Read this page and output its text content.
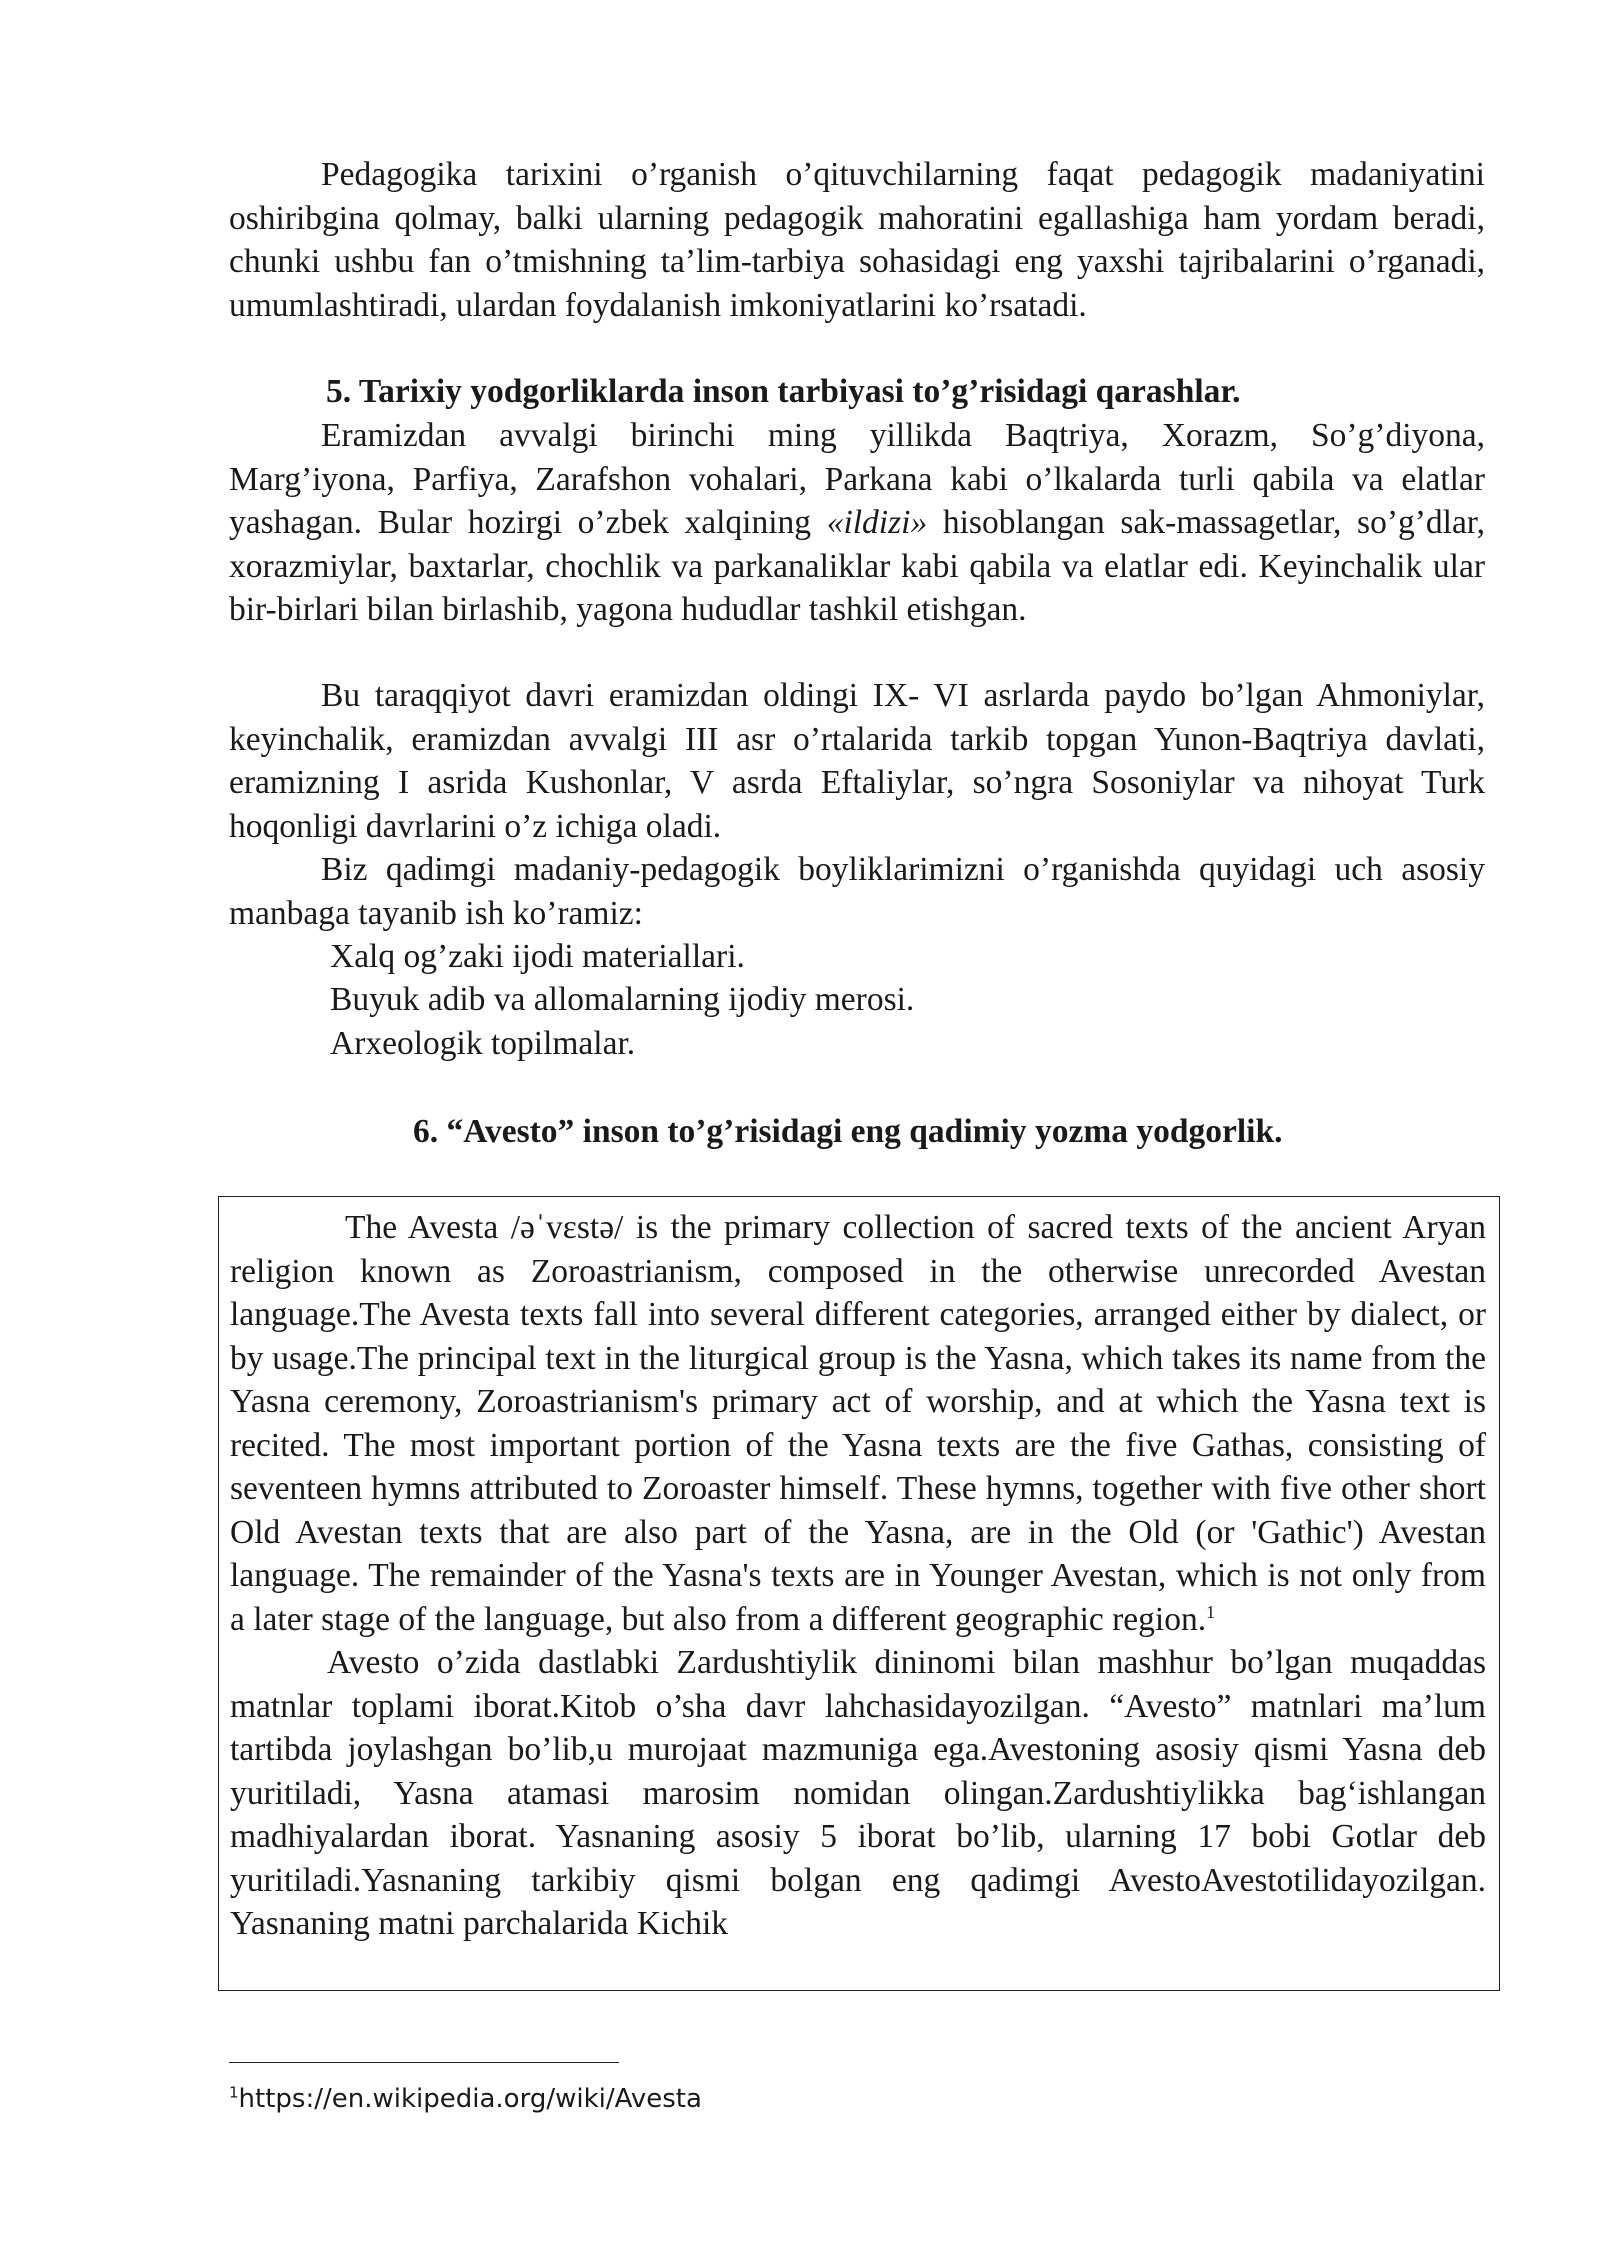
Pedagogika tarixini o’rganish o’qituvchilarning faqat pedagogik madaniyatini oshiribgina qolmay, balki ularning pedagogik mahoratini egallashiga ham yordam beradi, chunki ushbu fan o’tmishning ta’lim-tarbiya sohasidagi eng yaxshi tajribalarini o’rganadi, umumlashtiradi, ulardan foydalanish imkoniyatlarini ko’rsatadi.

5. Tarixiy yodgorliklarda inson tarbiyasi to’g’risidagi qarashlar.

Eramizdan avvalgi birinchi ming yillikda Baqtriya, Xorazm, So’g’diyona, Marg’iyona, Parfiya, Zarafshon vohalari, Parkana kabi o’lkalarda turli qabila va elatlar yashagan. Bular hozirgi o’zbek xalqining «ildizi» hisoblangan sak-massagetlar, so’g’dlar, xorazmiylar, baxtarlar, chochlik va parkanaliklar kabi qabila va elatlar edi. Keyinchalik ular bir-birlari bilan birlashib, yagona hududlar tashkil etishgan.

Bu taraqqiyot davri eramizdan oldingi IX- VI asrlarda paydo bo’lgan Ahmoniylar, keyinchalik, eramizdan avvalgi III asr o’rtalarida tarkib topgan Yunon-Baqtriya davlati, eramizning I asrida Kushonlar, V asrda Eftaliylar, so’ngra Sosoniylar va nihoyat Turk hoqonligi davrlarini o’z ichiga oladi.

Biz qadimgi madaniy-pedagogik boyliklarimizni o’rganishda quyidagi uch asosiy manbaga tayanib ish ko’ramiz:

Xalq og’zaki ijodi materiallari.

Buyuk adib va allomalarning ijodiy merosi.

Arxeologik topilmalar.

6. “Avesto” inson to’g’risidagi eng qadimiy yozma yodgorlik.

The Avesta /əˈvɛstə/ is the primary collection of sacred texts of the ancient Aryan religion known as Zoroastrianism, composed in the otherwise unrecorded Avestan language.The Avesta texts fall into several different categories, arranged either by dialect, or by usage.The principal text in the liturgical group is the Yasna, which takes its name from the Yasna ceremony, Zoroastrianism's primary act of worship, and at which the Yasna text is recited. The most important portion of the Yasna texts are the five Gathas, consisting of seventeen hymns attributed to Zoroaster himself. These hymns, together with five other short Old Avestan texts that are also part of the Yasna, are in the Old (or 'Gathic') Avestan language. The remainder of the Yasna's texts are in Younger Avestan, which is not only from a later stage of the language, but also from a different geographic region.$^1$

Avesto o’zida dastlabki Zardushtiylik dininomi bilan mashhur bo’lgan muqaddas matnlar toplami iborat.Kitob o’sha davr lahchasidayozilgan. “Avesto” matnlari ma’lum tartibda joylashgan bo’lib,u murojaat mazmuniga ega.Avestoning asosiy qismi Yasna deb yuritiladi, Yasna atamasi marosim nomidan olingan.Zardushtiylikka bag‘ishlangan madhiyalardan iborat. Yasnaning asosiy 5 iborat bo’lib, ularning 17 bobi Gotlar deb yuritiladi.Yasnaning tarkibiy qismi bolgan eng qadimgi AvestoAvestotilidayozilgan. Yasnaning matni parchalarida Kichik

$^1$https://en.wikipedia.org/wiki/Avesta
